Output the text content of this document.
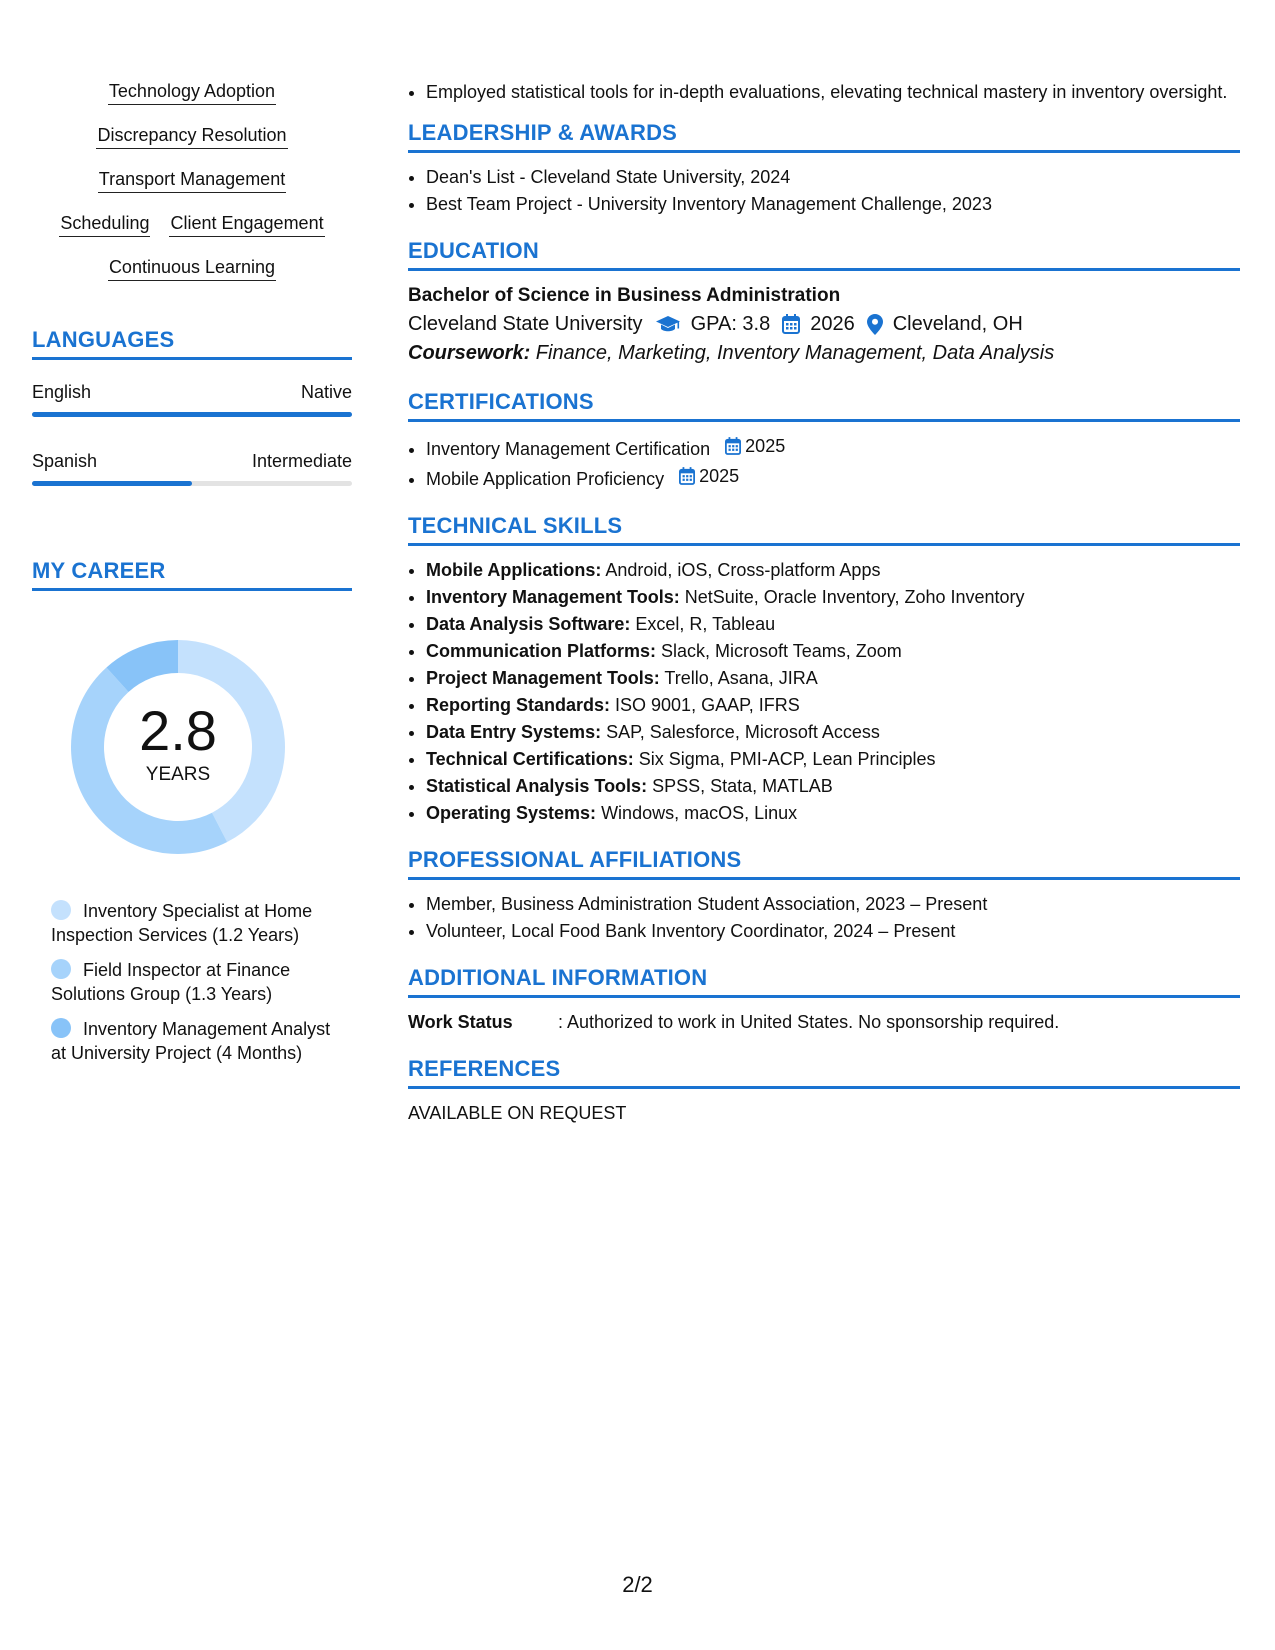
Technology Adoption
Discrepancy Resolution
Transport Management
Scheduling Client Engagement
Continuous Learning
LANGUAGES
English	Native
Spanish	Intermediate
MY CAREER
2.8
YEARS
Inventory Specialist at Home Inspection Services (1.2 Years)
Field Inspector at Finance Solutions Group (1.3 Years)
Inventory Management Analyst at University Project (4 Months)
• Employed statistical tools for in-depth evaluations, elevating technical mastery in inventory oversight.
LEADERSHIP & AWARDS
• Dean's List - Cleveland State University, 2024
• Best Team Project - University Inventory Management Challenge, 2023
EDUCATION
Bachelor of Science in Business Administration
Cleveland State University GPA: 3.8 2026 Cleveland, OH
Coursework: Finance, Marketing, Inventory Management, Data Analysis
CERTIFICATIONS
• Inventory Management Certification 2025
• Mobile Application Proficiency 2025
TECHNICAL SKILLS
• Mobile Applications: Android, iOS, Cross-platform Apps
• Inventory Management Tools: NetSuite, Oracle Inventory, Zoho Inventory
• Data Analysis Software: Excel, R, Tableau
• Communication Platforms: Slack, Microsoft Teams, Zoom
• Project Management Tools: Trello, Asana, JIRA
• Reporting Standards: ISO 9001, GAAP, IFRS
• Data Entry Systems: SAP, Salesforce, Microsoft Access
• Technical Certifications: Six Sigma, PMI-ACP, Lean Principles
• Statistical Analysis Tools: SPSS, Stata, MATLAB
• Operating Systems: Windows, macOS, Linux
PROFESSIONAL AFFILIATIONS
• Member, Business Administration Student Association, 2023 – Present
• Volunteer, Local Food Bank Inventory Coordinator, 2024 – Present
ADDITIONAL INFORMATION
Work Status	: Authorized to work in United States. No sponsorship required.
REFERENCES
AVAILABLE ON REQUEST
2/2
